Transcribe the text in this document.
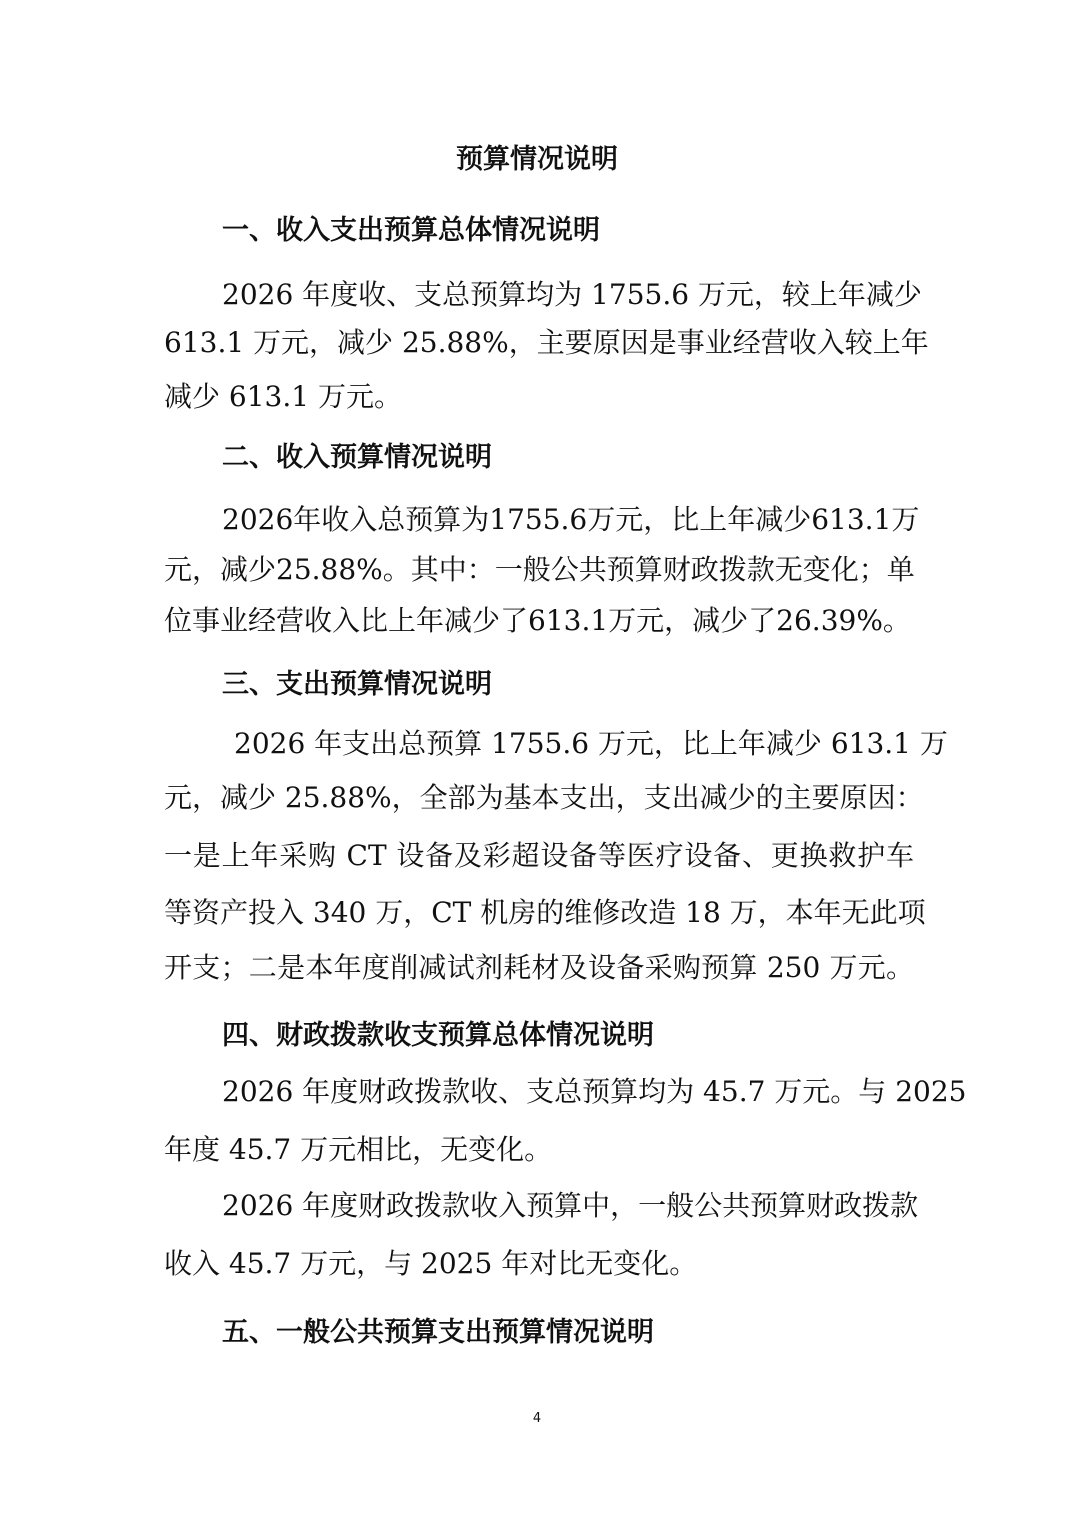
预算情况说明
一、收入支出预算总体情况说明

2026 年度收、支总预算均为 1755.6 万元，较上年减少

613.1 万元，减少 25.88%，主要原因是事业经营收入较上年

减少 613.1 万元。

二、收入预算情况说明

2026年收入总预算为1755.6万元，比上年减少613.1万

元，减少25.88%。其中：一般公共预算财政拨款无变化；单

位事业经营收入比上年减少了613.1万元，减少了26.39%。

三、支出预算情况说明

2026 年支出总预算 1755.6 万元，比上年减少 613.1 万

元，减少 25.88%，全部为基本支出，支出减少的主要原因：

一是上年采购 CT 设备及彩超设备等医疗设备、更换救护车

等资产投入 340 万，CT 机房的维修改造 18 万，本年无此项

开支；二是本年度削减试剂耗材及设备采购预算 250 万元。

四、财政拨款收支预算总体情况说明

2026 年度财政拨款收、支总预算均为 45.7 万元。与 2025

年度 45.7 万元相比，无变化。

2026 年度财政拨款收入预算中，一般公共预算财政拨款

收入 45.7 万元，与 2025 年对比无变化。

五、一般公共预算支出预算情况说明
4
